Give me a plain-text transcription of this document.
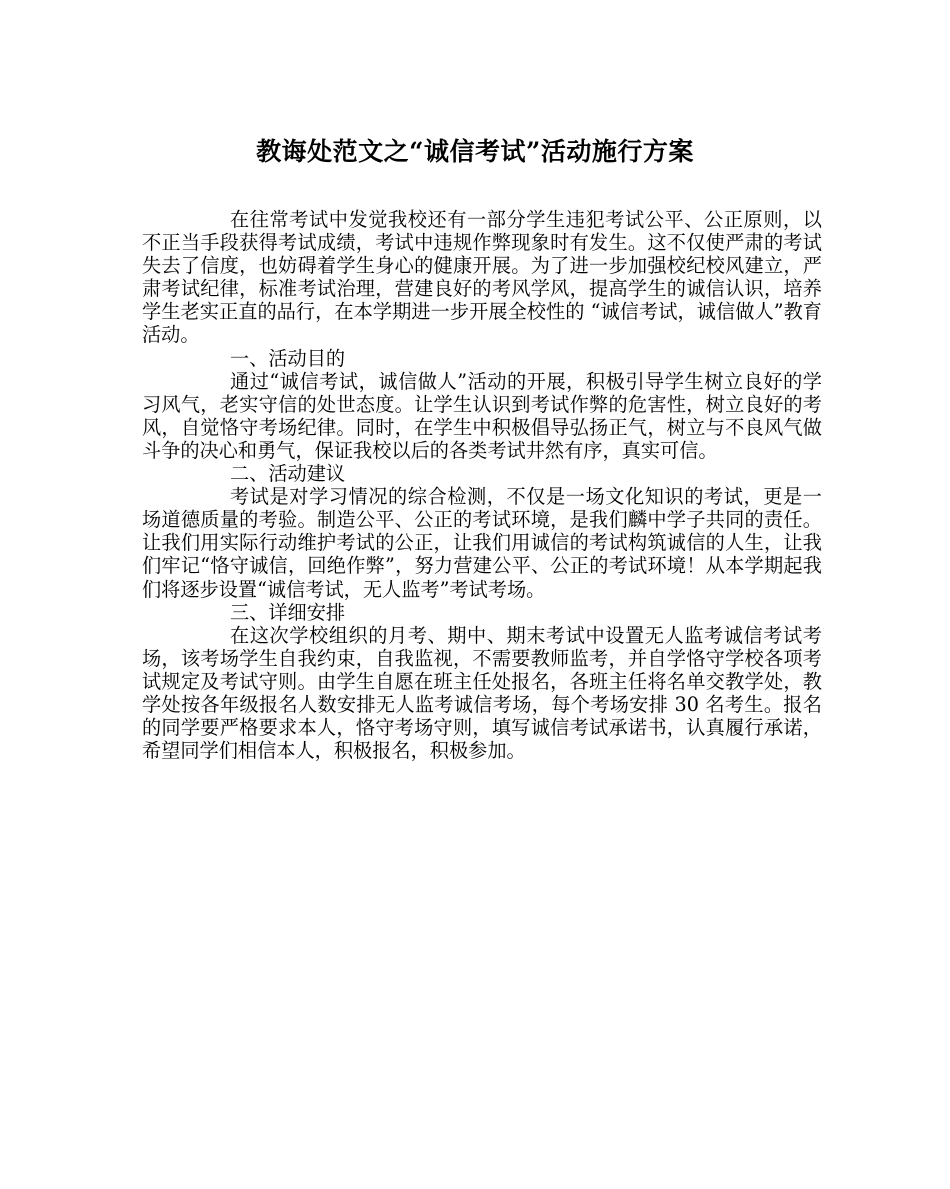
教诲处范文之“诚信考试”活动施行方案

在往常考试中发觉我校还有一部分学生违犯考试公平、公正原则，以不正当手段获得考试成绩，考试中违规作弊现象时有发生。这不仅使严肃的考试失去了信度，也妨碍着学生身心的健康开展。为了进一步加强校纪校风建立，严肃考试纪律，标准考试治理，营建良好的考风学风，提高学生的诚信认识，培养学生老实正直的品行，在本学期进一步开展全校性的 “诚信考试，诚信做人”教育活动。

一、活动目的

通过“诚信考试，诚信做人”活动的开展，积极引导学生树立良好的学习风气，老实守信的处世态度。让学生认识到考试作弊的危害性，树立良好的考风，自觉恪守考场纪律。同时，在学生中积极倡导弘扬正气，树立与不良风气做斗争的决心和勇气，保证我校以后的各类考试井然有序，真实可信。

二、活动建议

考试是对学习情况的综合检测，不仅是一场文化知识的考试，更是一场道德质量的考验。制造公平、公正的考试环境，是我们麟中学子共同的责任。让我们用实际行动维护考试的公正，让我们用诚信的考试构筑诚信的人生，让我们牢记“恪守诚信，回绝作弊”，努力营建公平、公正的考试环境！从本学期起我们将逐步设置“诚信考试，无人监考”考试考场。

三、详细安排

在这次学校组织的月考、期中、期末考试中设置无人监考诚信考试考场，该考场学生自我约束，自我监视，不需要教师监考，并自学恪守学校各项考试规定及考试守则。由学生自愿在班主任处报名，各班主任将名单交教学处，教学处按各年级报名人数安排无人监考诚信考场，每个考场安排 30 名考生。报名的同学要严格要求本人，恪守考场守则，填写诚信考试承诺书，认真履行承诺，希望同学们相信本人，积极报名，积极参加。
